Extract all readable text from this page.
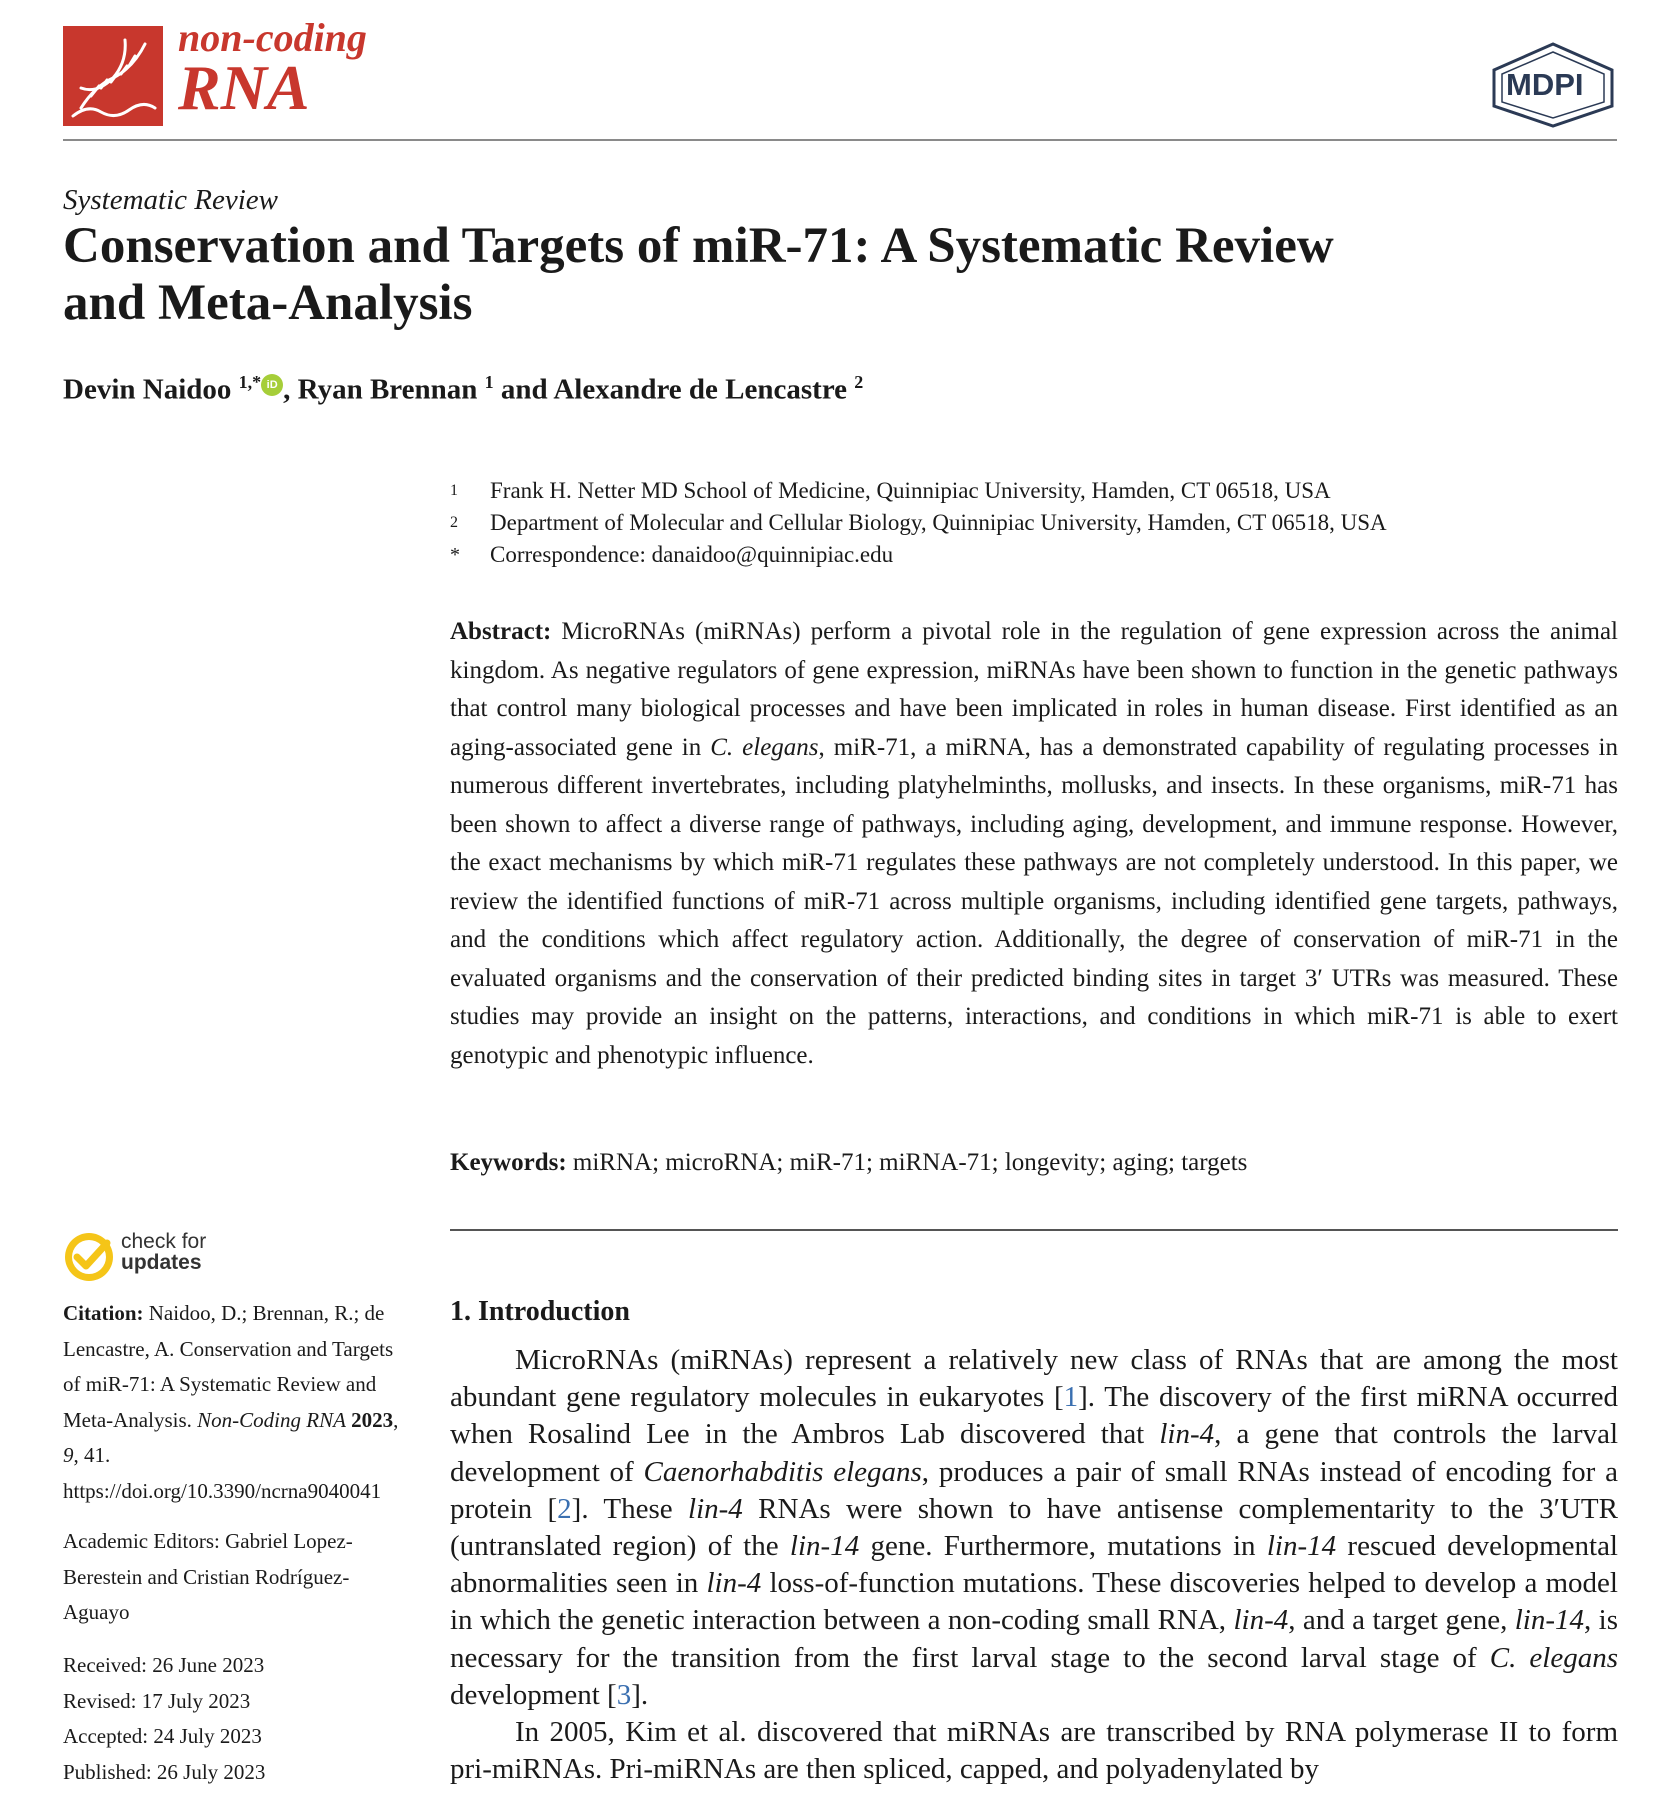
non-coding
RNA	MDPI
Systematic Review
Conservation and Targets of miR-71: A Systematic Review
and Meta-Analysis
Devin Naidoo $^{1,*}$ iD , Ryan Brennan $^1$ and Alexandre de Lencastre $^2$
1	Frank H. Netter MD School of Medicine, Quinnipiac University, Hamden, CT 06518, USA
2	Department of Molecular and Cellular Biology, Quinnipiac University, Hamden, CT 06518, USA
*	Correspondence: danaidoo@quinnipiac.edu
Abstract: MicroRNAs (miRNAs) perform a pivotal role in the regulation of gene expression across the animal kingdom. As negative regulators of gene expression, miRNAs have been shown to function in the genetic pathways that control many biological processes and have been implicated in roles in human disease. First identified as an aging-associated gene in C. elegans, miR-71, a miRNA, has a demonstrated capability of regulating processes in numerous different invertebrates, including platyhelminths, mollusks, and insects. In these organisms, miR-71 has been shown to affect a diverse range of pathways, including aging, development, and immune response. However, the exact mechanisms by which miR-71 regulates these pathways are not completely understood. In this paper, we review the identified functions of miR-71 across multiple organisms, including identified gene targets, pathways, and the conditions which affect regulatory action. Additionally, the degree of conservation of miR-71 in the evaluated organisms and the conservation of their predicted binding sites in target 3′ UTRs was measured. These studies may provide an insight on the patterns, interactions, and conditions in which miR-71 is able to exert genotypic and phenotypic influence.
Keywords: miRNA; microRNA; miR-71; miRNA-71; longevity; aging; targets
check for
updates
Citation: Naidoo, D.; Brennan, R.; de Lencastre, A. Conservation and Targets of miR-71: A Systematic Review and Meta-Analysis. Non-Coding RNA 2023, 9, 41. https://doi.org/10.3390/ncrna9040041
Academic Editors: Gabriel Lopez-Berestein and Cristian Rodríguez-Aguayo
Received: 26 June 2023
Revised: 17 July 2023
Accepted: 24 July 2023
Published: 26 July 2023
1. Introduction

MicroRNAs (miRNAs) represent a relatively new class of RNAs that are among the most abundant gene regulatory molecules in eukaryotes [1]. The discovery of the first miRNA occurred when Rosalind Lee in the Ambros Lab discovered that lin-4, a gene that controls the larval development of Caenorhabditis elegans, produces a pair of small RNAs instead of encoding for a protein [2]. These lin-4 RNAs were shown to have antisense complementarity to the 3′UTR (untranslated region) of the lin-14 gene. Furthermore, mutations in lin-14 rescued developmental abnormalities seen in lin-4 loss-of-function mutations. These discoveries helped to develop a model in which the genetic interaction between a non-coding small RNA, lin-4, and a target gene, lin-14, is necessary for the transition from the first larval stage to the second larval stage of C. elegans development [3].

In 2005, Kim et al. discovered that miRNAs are transcribed by RNA polymerase II to form pri-miRNAs. Pri-miRNAs are then spliced, capped, and polyadenylated by
